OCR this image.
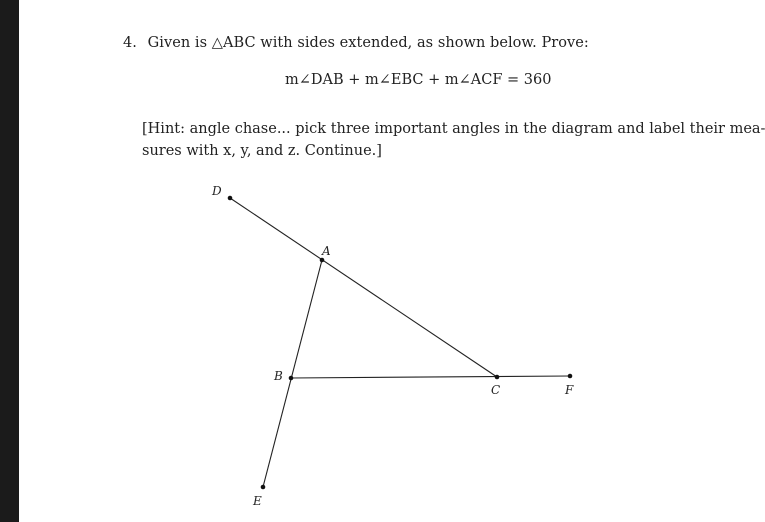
4. Given is △ABC with sides extended, as shown below. Prove:
m∠DAB + m∠EBC + m∠ACF = 360
[Hint: angle chase... pick three important angles in the diagram and label their mea-
sures with x, y, and z. Continue.]
D
A
B
C	F
E
